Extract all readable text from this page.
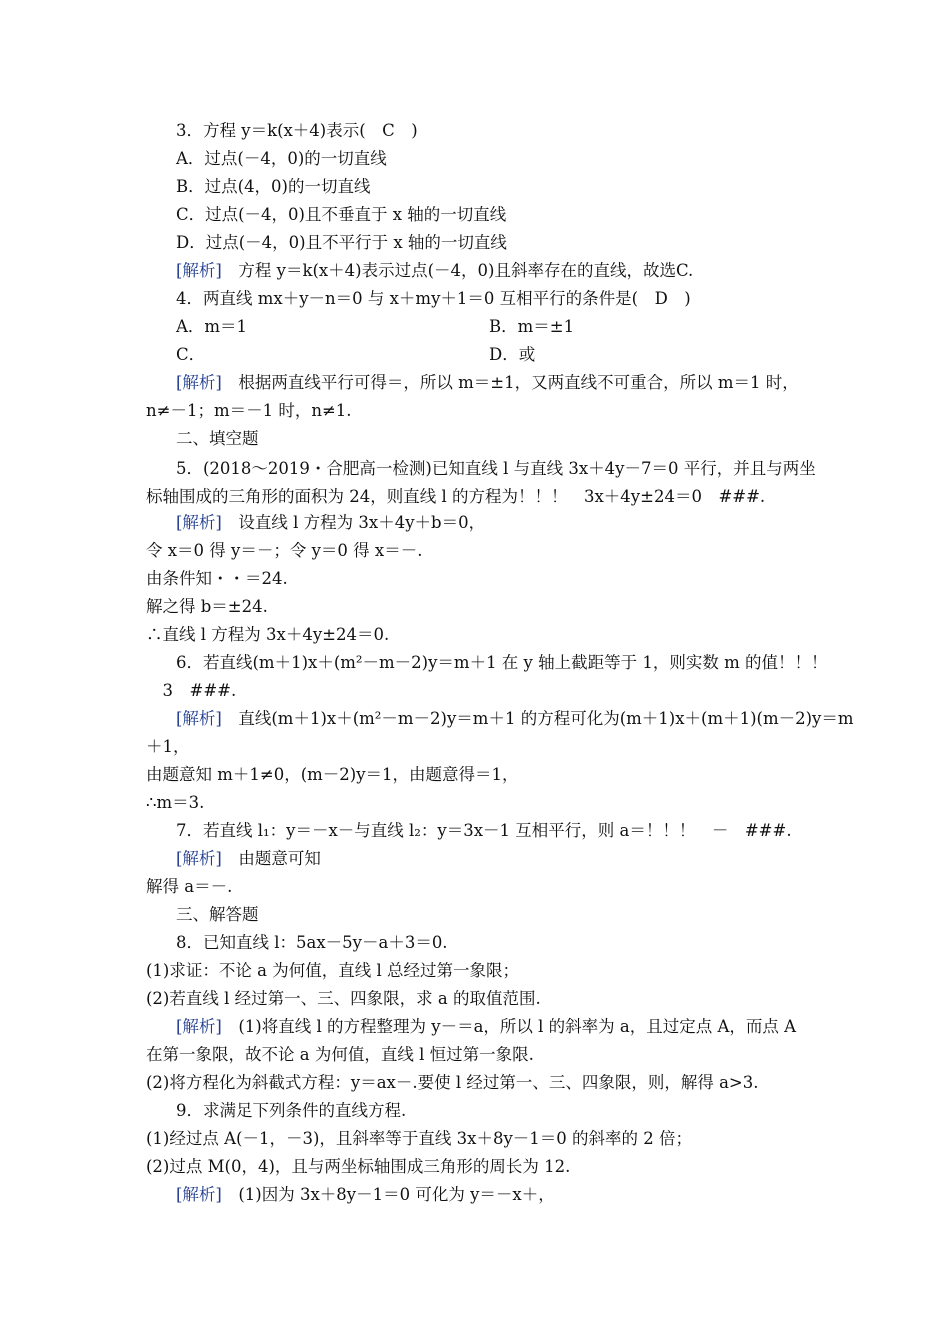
3．方程 y＝k(x＋4)表示(　C　)
A．过点(－4，0)的一切直线
B．过点(4，0)的一切直线
C．过点(－4，0)且不垂直于 x 轴的一切直线
D．过点(－4，0)且不平行于 x 轴的一切直线
[解析]　方程 y＝k(x＋4)表示过点(－4，0)且斜率存在的直线，故选C.
4．两直线 mx＋y－n＝0 与 x＋my＋1＝0 互相平行的条件是(　D　)
A．m＝1	B．m＝±1
C．	D．或
[解析]　根据两直线平行可得＝，所以 m＝±1，又两直线不可重合，所以 m＝1 时，
n≠－1；m＝－1 时，n≠1.
二、填空题
5．(2018～2019・合肥高一检测)已知直线 l 与直线 3x＋4y－7＝0 平行，并且与两坐
标轴围成的三角形的面积为 24，则直线 l 的方程为！！！　3x＋4y±24＝0　###.
[解析]　设直线 l 方程为 3x＋4y＋b＝0，
令 x＝0 得 y＝－；令 y＝0 得 x＝－.
由条件知・・＝24.
解之得 b＝±24.
∴直线 l 方程为 3x＋4y±24＝0.
6．若直线(m＋1)x＋(m²－m－2)y＝m＋1 在 y 轴上截距等于 1，则实数 m 的值！！！
　3　###.
[解析]　直线(m＋1)x＋(m²－m－2)y＝m＋1 的方程可化为(m＋1)x＋(m＋1)(m－2)y＝m
＋1，
由题意知 m＋1≠0，(m－2)y＝1，由题意得＝1，
∴m＝3.
7．若直线 l₁：y＝－x－与直线 l₂：y＝3x－1 互相平行，则 a＝！！！　－　###.
[解析]　由题意可知
解得 a＝－.
三、解答题
8．已知直线 l：5ax－5y－a＋3＝0.
(1)求证：不论 a 为何值，直线 l 总经过第一象限；
(2)若直线 l 经过第一、三、四象限，求 a 的取值范围.
[解析]　(1)将直线 l 的方程整理为 y－＝a，所以 l 的斜率为 a，且过定点 A，而点 A
在第一象限，故不论 a 为何值，直线 l 恒过第一象限.
(2)将方程化为斜截式方程：y＝ax－.要使 l 经过第一、三、四象限，则，解得 a>3.
9．求满足下列条件的直线方程.
(1)经过点 A(－1，－3)，且斜率等于直线 3x＋8y－1＝0 的斜率的 2 倍；
(2)过点 M(0，4)，且与两坐标轴围成三角形的周长为 12.
[解析]　(1)因为 3x＋8y－1＝0 可化为 y＝－x＋，
